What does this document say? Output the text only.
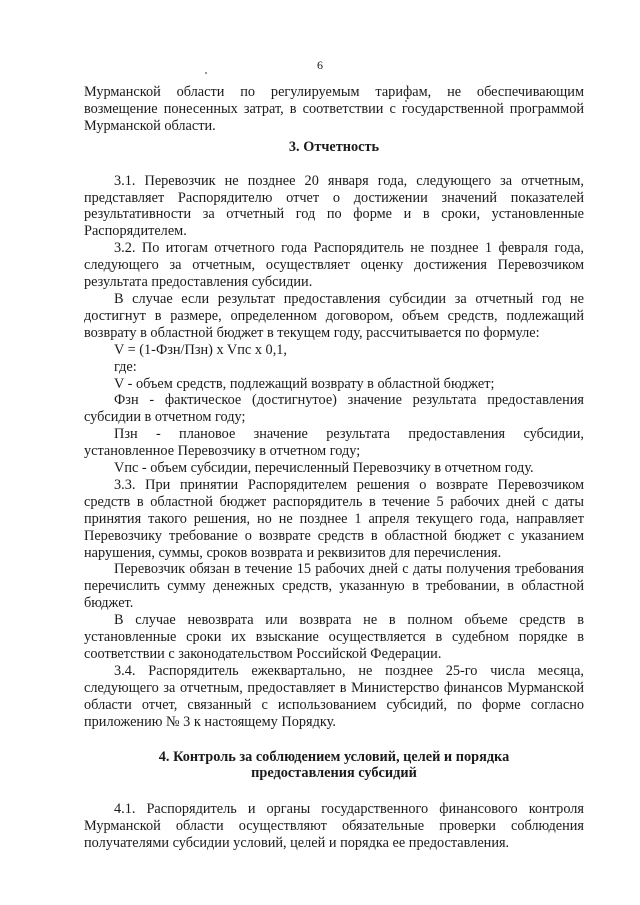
6

Мурманской области по регулируемым тарифам, не обеспечивающим возмещение понесенных затрат, в соответствии с государственной программой Мурманской области.

3. Отчетность

3.1. Перевозчик не позднее 20 января года, следующего за отчетным, представляет Распорядителю отчет о достижении значений показателей результативности за отчетный год по форме и в сроки, установленные Распорядителем.

3.2. По итогам отчетного года Распорядитель не позднее 1 февраля года, следующего за отчетным, осуществляет оценку достижения Перевозчиком результата предоставления субсидии.

В случае если результат предоставления субсидии за отчетный год не достигнут в размере, определенном договором, объем средств, подлежащий возврату в областной бюджет в текущем году, рассчитывается по формуле:

V = (1-Фзн/Пзн) x Vпс x 0,1,

где:

V - объем средств, подлежащий возврату в областной бюджет;

Фзн - фактическое (достигнутое) значение результата предоставления субсидии в отчетном году;

Пзн - плановое значение результата предоставления субсидии, установленное Перевозчику в отчетном году;

Vпс - объем субсидии, перечисленный Перевозчику в отчетном году.

3.3. При принятии Распорядителем решения о возврате Перевозчиком средств в областной бюджет распорядитель в течение 5 рабочих дней с даты принятия такого решения, но не позднее 1 апреля текущего года, направляет Перевозчику требование о возврате средств в областной бюджет с указанием нарушения, суммы, сроков возврата и реквизитов для перечисления.

Перевозчик обязан в течение 15 рабочих дней с даты получения требования перечислить сумму денежных средств, указанную в требовании, в областной бюджет.

В случае невозврата или возврата не в полном объеме средств в установленные сроки их взыскание осуществляется в судебном порядке в соответствии с законодательством Российской Федерации.

3.4. Распорядитель ежеквартально, не позднее 25-го числа месяца, следующего за отчетным, предоставляет в Министерство финансов Мурманской области отчет, связанный с использованием субсидий, по форме согласно приложению № 3 к настоящему Порядку.

4. Контроль за соблюдением условий, целей и порядка

предоставления субсидий

4.1. Распорядитель и органы государственного финансового контроля Мурманской области осуществляют обязательные проверки соблюдения получателями субсидии условий, целей и порядка ее предоставления.
